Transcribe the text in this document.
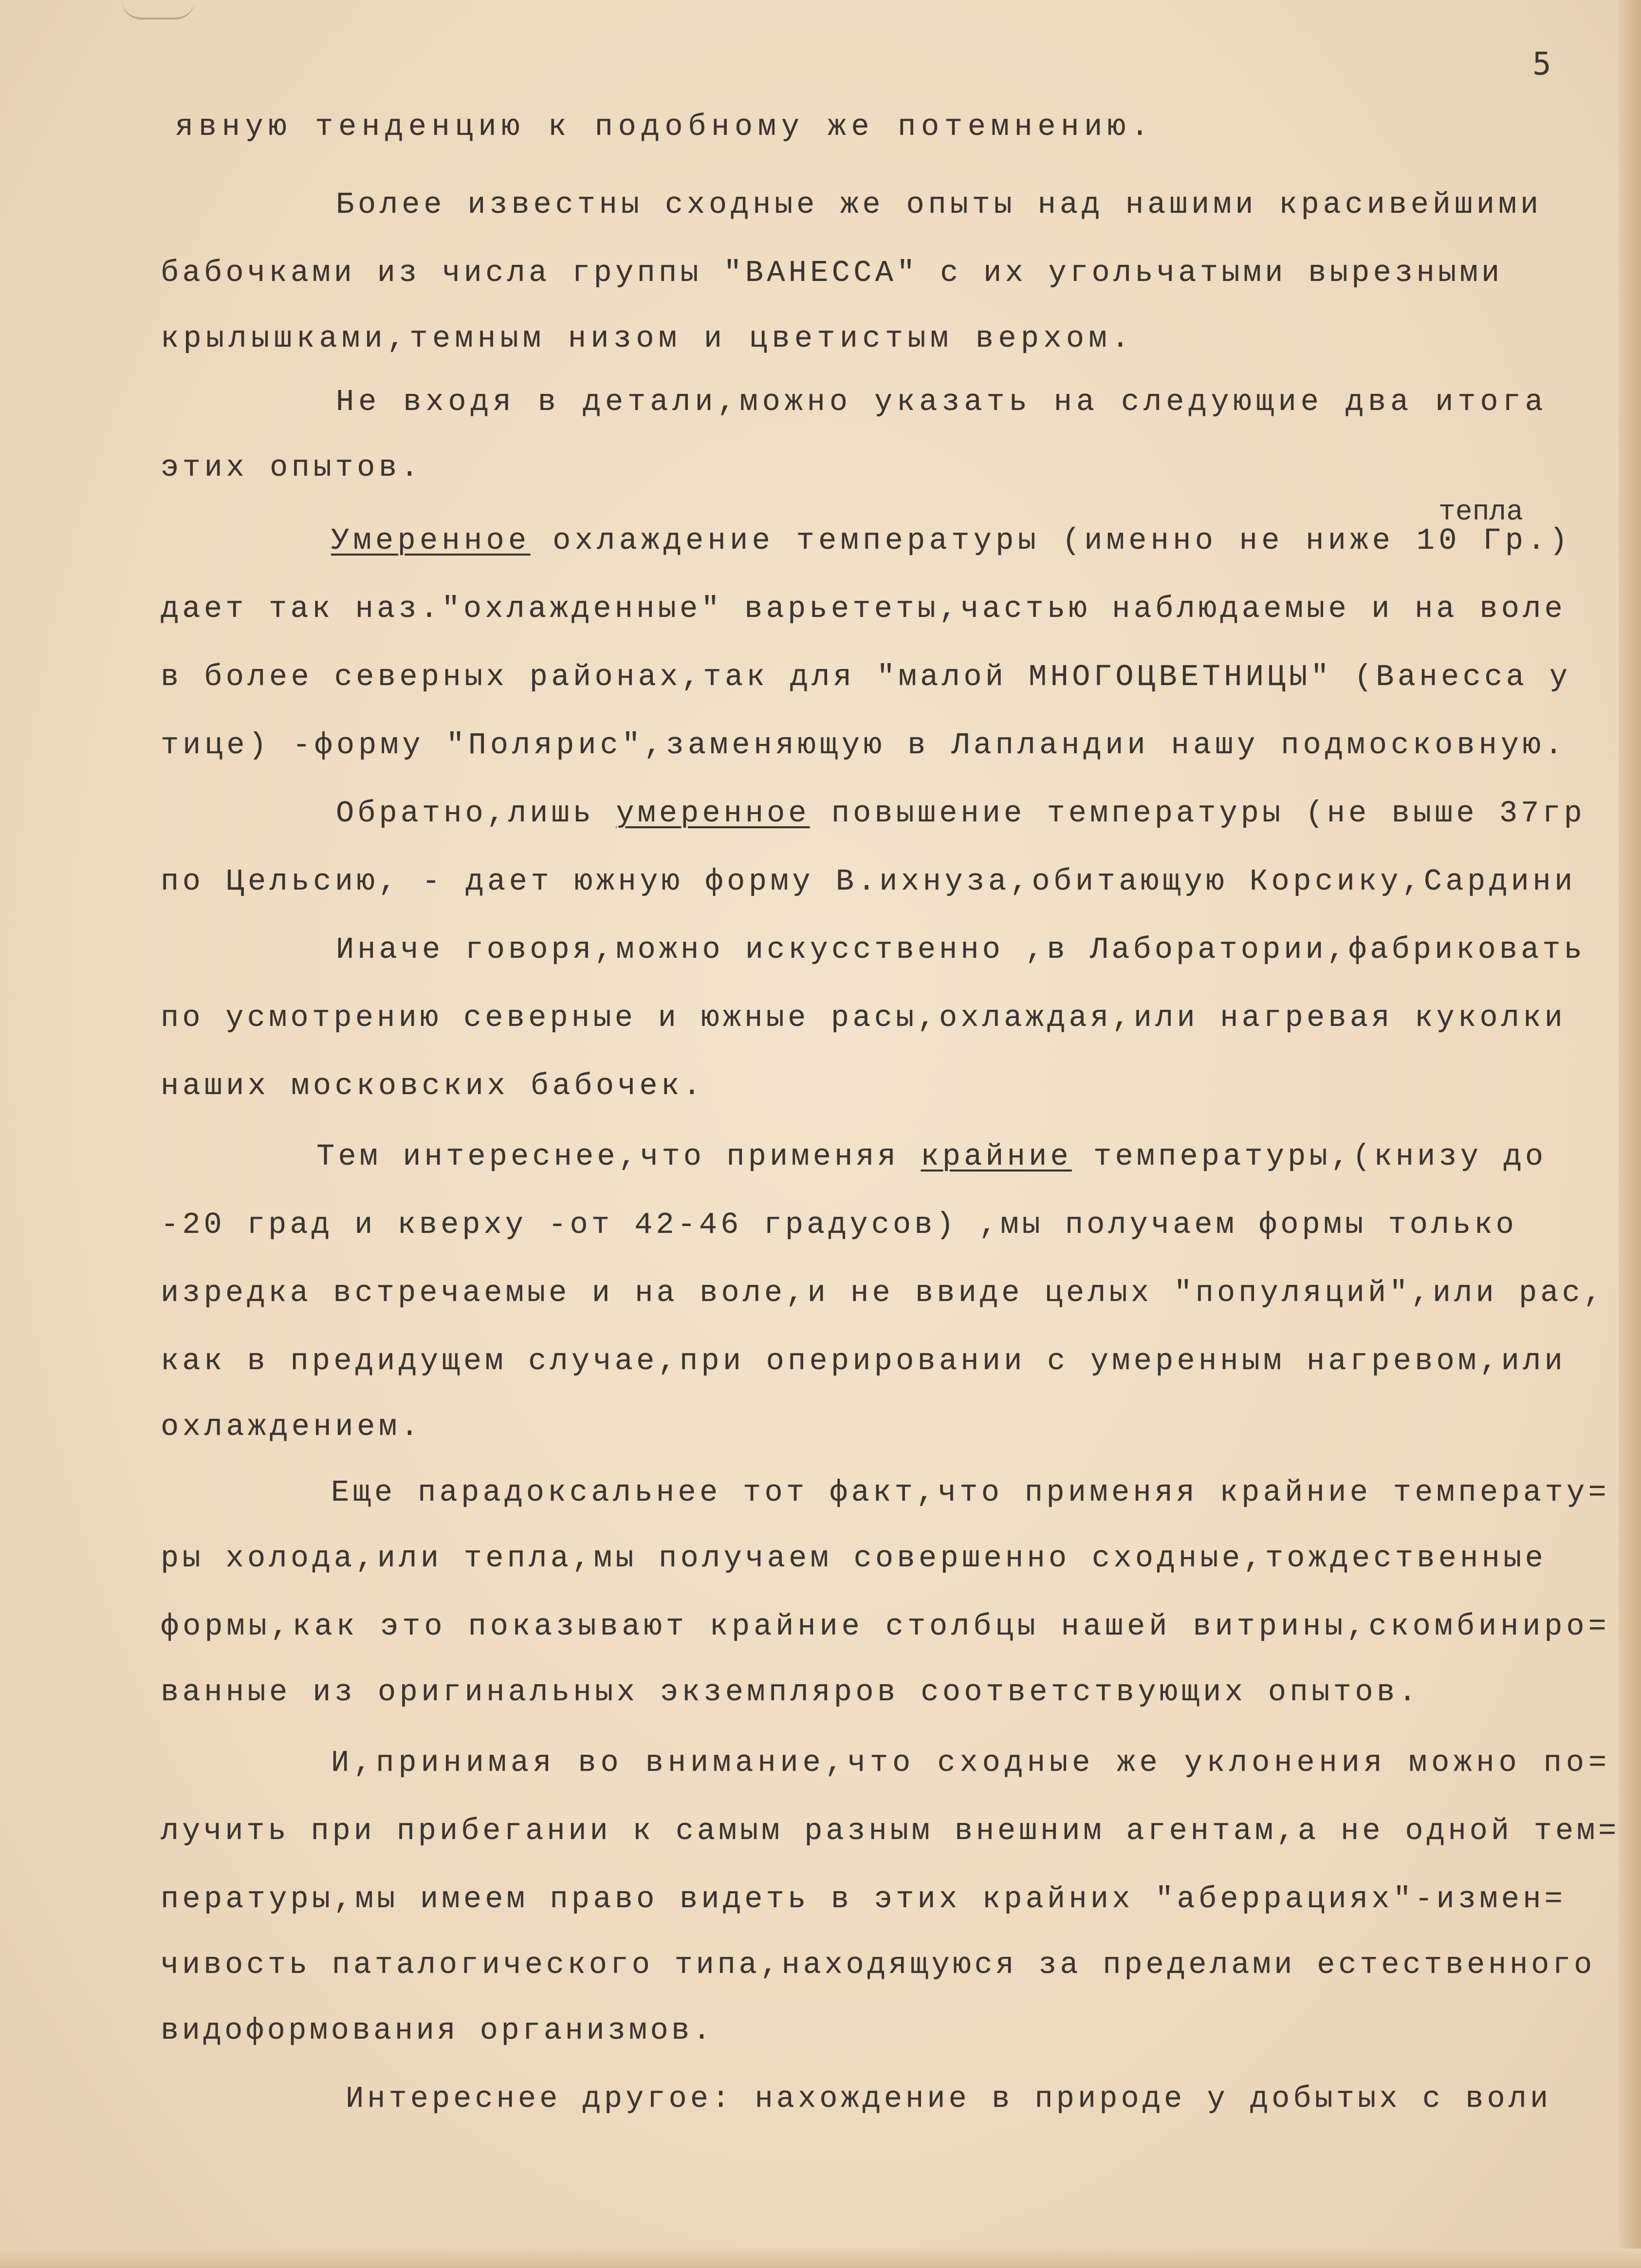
5
тепла
явную тенденцию к подобному же потемнению.
Более известны сходные же опыты над нашими красивейшими
бабочками из числа группы "ВАНЕССА" с их угольчатыми вырезными
крылышками,темным низом и цветистым верхом.
Не входя в детали,можно указать на следующие два итога
этих опытов.
Умеренное охлаждение температуры (именно не ниже 10 Гр.)
дает так наз."охлажденные" варьететы,частью наблюдаемые и на воле
в более северных районах,так для "малой МНОГОЦВЕТНИЦЫ" (Ванесса у
тице) -форму "Полярис",заменяющую в Лапландии нашу подмосковную.
Обратно,лишь умеренное повышение температуры (не выше 37гр
по Цельсию, - дает южную форму В.ихнуза,обитающую Корсику,Сардини
Иначе говоря,можно искусственно ,в Лаборатории,фабриковать
по усмотрению северные и южные расы,охлаждая,или нагревая куколки
наших московских бабочек.
Тем интереснее,что применяя крайние температуры,(книзу до
-20 град и кверху -от 42-46 градусов) ,мы получаем формы только
изредка встречаемые и на воле,и не ввиде целых "популяций",или рас,
как в предидущем случае,при оперировании с умеренным нагревом,или
охлаждением.
Еще парадоксальнее тот факт,что применяя крайние температу=
ры холода,или тепла,мы получаем совершенно сходные,тождественные
формы,как это показывают крайние столбцы нашей витрины,скомбиниро=
ванные из оригинальных экземпляров соответствующих опытов.
И,принимая во внимание,что сходные же уклонения можно по=
лучить при прибегании к самым разным внешним агентам,а не одной тем=
пературы,мы имеем право видеть в этих крайних "аберрациях"-измен=
чивость паталогического типа,находящуюся за пределами естественного
видоформования организмов.
Интереснее другое: нахождение в природе у добытых с воли
